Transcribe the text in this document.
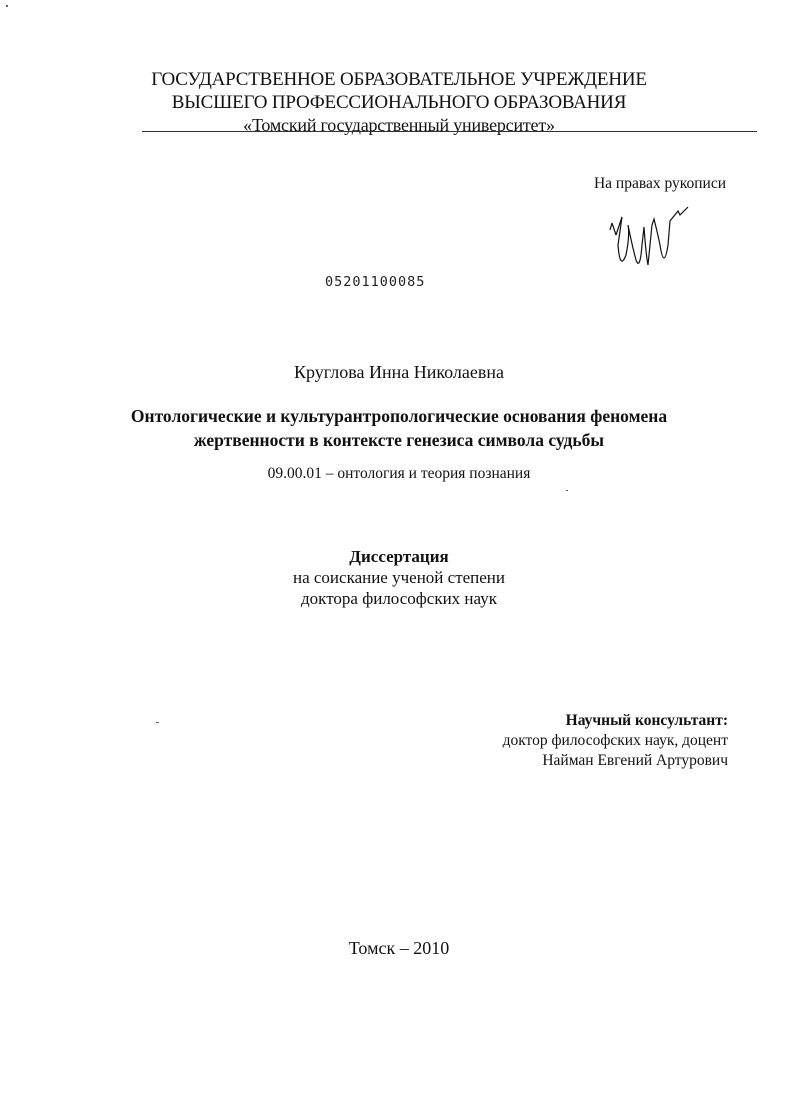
ГОСУДАРСТВЕННОЕ ОБРАЗОВАТЕЛЬНОЕ УЧРЕЖДЕНИЕ
ВЫСШЕГО ПРОФЕССИОНАЛЬНОГО ОБРАЗОВАНИЯ
«Томский государственный университет»
На правах рукописи
05201100085
Круглова Инна Николаевна
Онтологические и культурантропологические основания феномена
жертвенности в контексте генезиса символа судьбы
09.00.01 – онтология и теория познания
Диссертация
на соискание ученой степени
доктора философских наук
Научный консультант:
доктор философских наук, доцент
Найман Евгений Артурович
Томск – 2010
